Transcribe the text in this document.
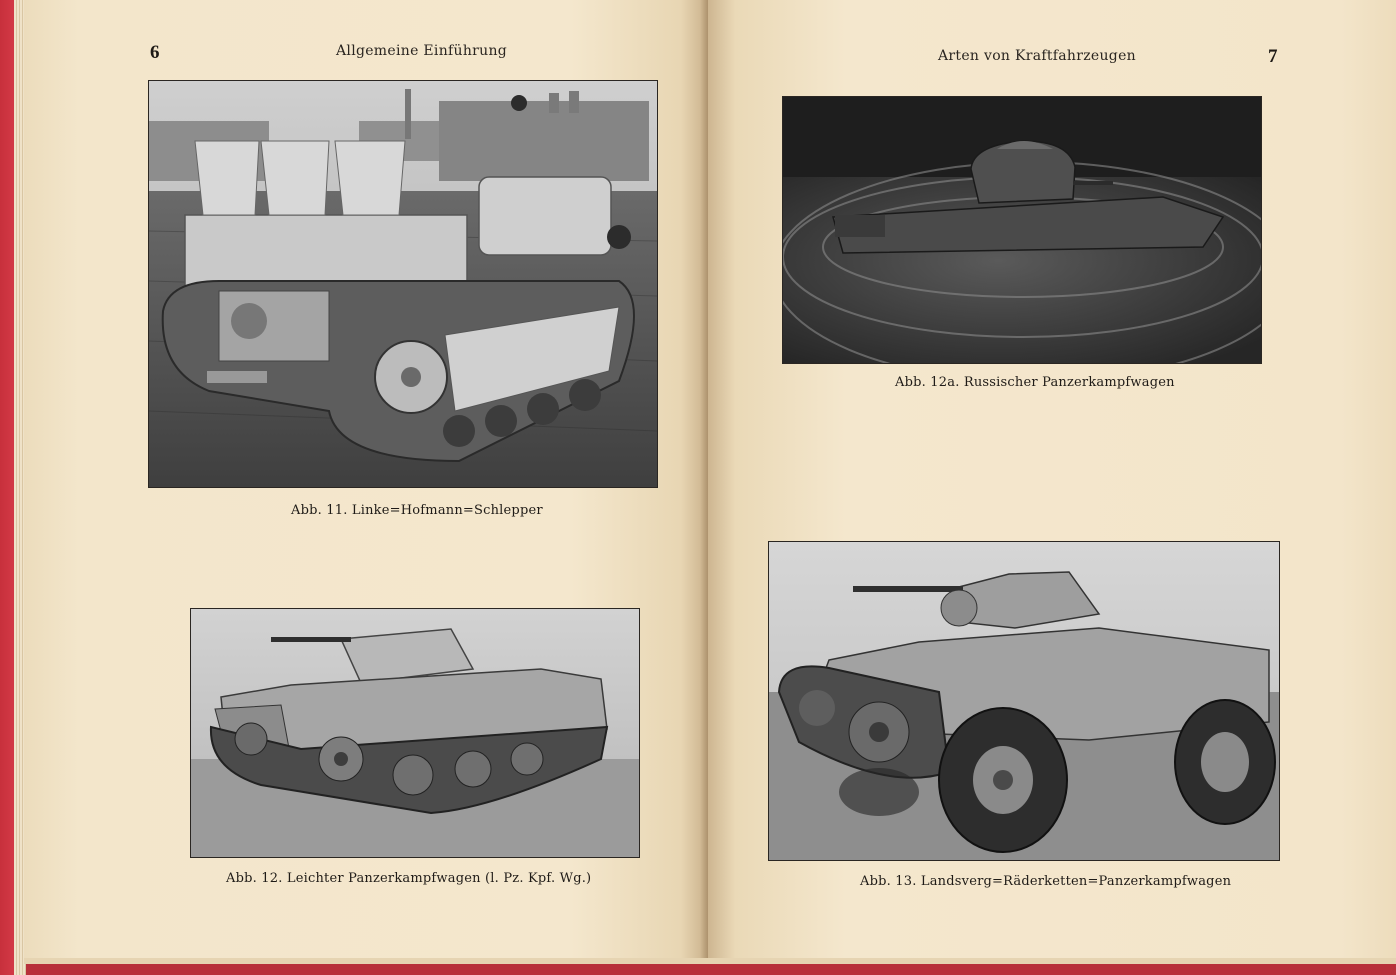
6	Allgemeine Einführung
Abb. 11. Linke=Hofmann=Schlepper
Abb. 12. Leichter Panzerkampfwagen (l. Pz. Kpf. Wg.)
Arten von Kraftfahrzeugen	7
Abb. 12a. Russischer Panzerkampfwagen
Abb. 13. Landsverg=Räderketten=Panzerkampfwagen
